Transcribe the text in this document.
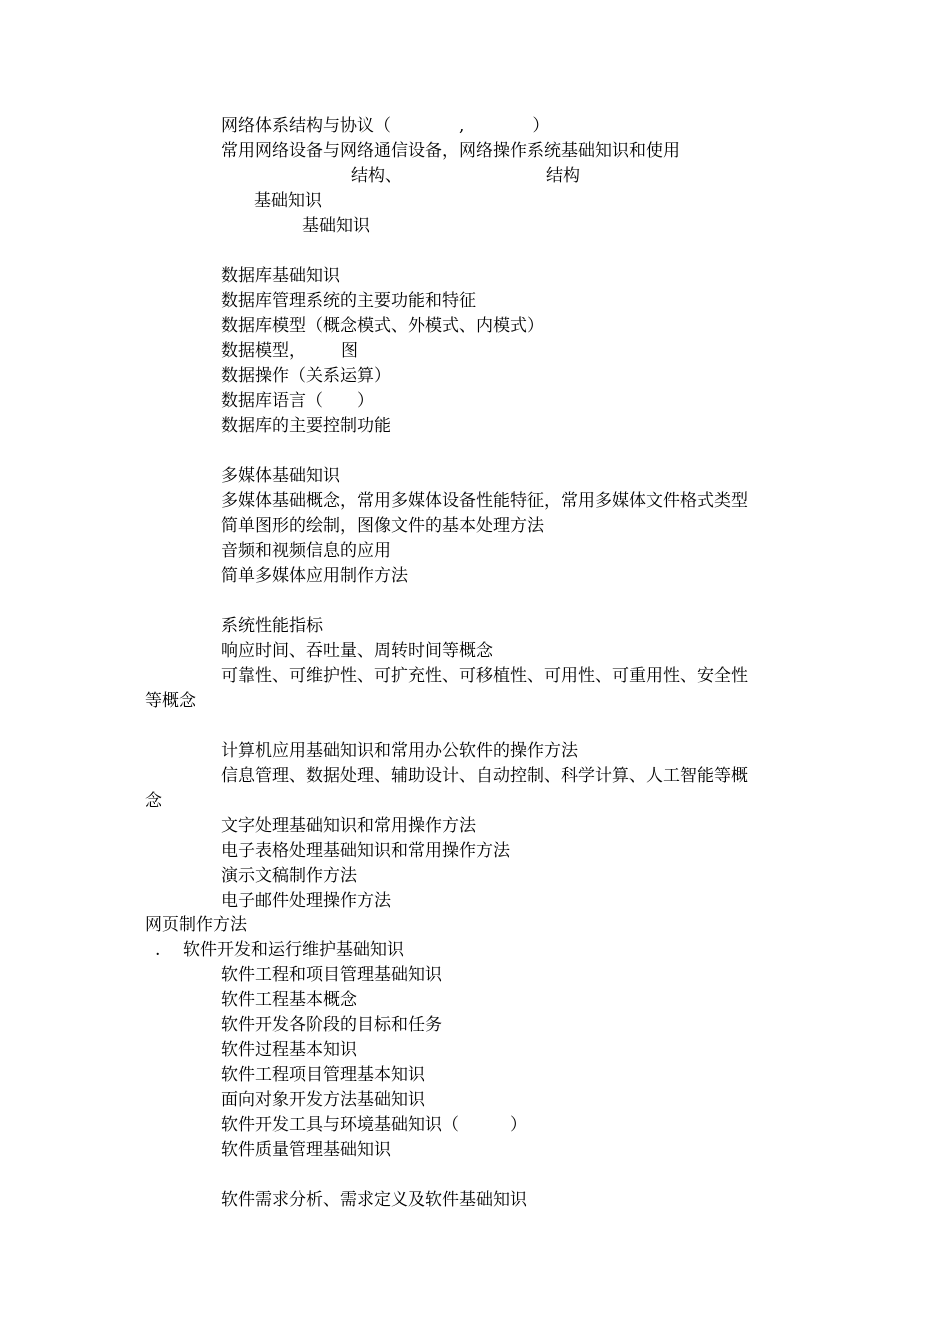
网络体系结构与协议（　　　　,　　　　）

常用网络设备与网络通信设备，网络操作系统基础知识和使用

结构、	结构

基础知识

基础知识

数据库基础知识

数据库管理系统的主要功能和特征

数据库模型（概念模式、外模式、内模式）

数据模型， 图

数据操作（关系运算）

数据库语言（　　）

数据库的主要控制功能

多媒体基础知识

多媒体基础概念，常用多媒体设备性能特征，常用多媒体文件格式类型

简单图形的绘制，图像文件的基本处理方法

音频和视频信息的应用

简单多媒体应用制作方法

系统性能指标

响应时间、吞吐量、周转时间等概念

可靠性、可维护性、可扩充性、可移植性、可用性、可重用性、安全性

等概念

计算机应用基础知识和常用办公软件的操作方法

信息管理、数据处理、辅助设计、自动控制、科学计算、人工智能等概

念

文字处理基础知识和常用操作方法

电子表格处理基础知识和常用操作方法

演示文稿制作方法

电子邮件处理操作方法

网页制作方法

. 软件开发和运行维护基础知识

软件工程和项目管理基础知识

软件工程基本概念

软件开发各阶段的目标和任务

软件过程基本知识

软件工程项目管理基本知识

面向对象开发方法基础知识

软件开发工具与环境基础知识（　　　）

软件质量管理基础知识

软件需求分析、需求定义及软件基础知识
